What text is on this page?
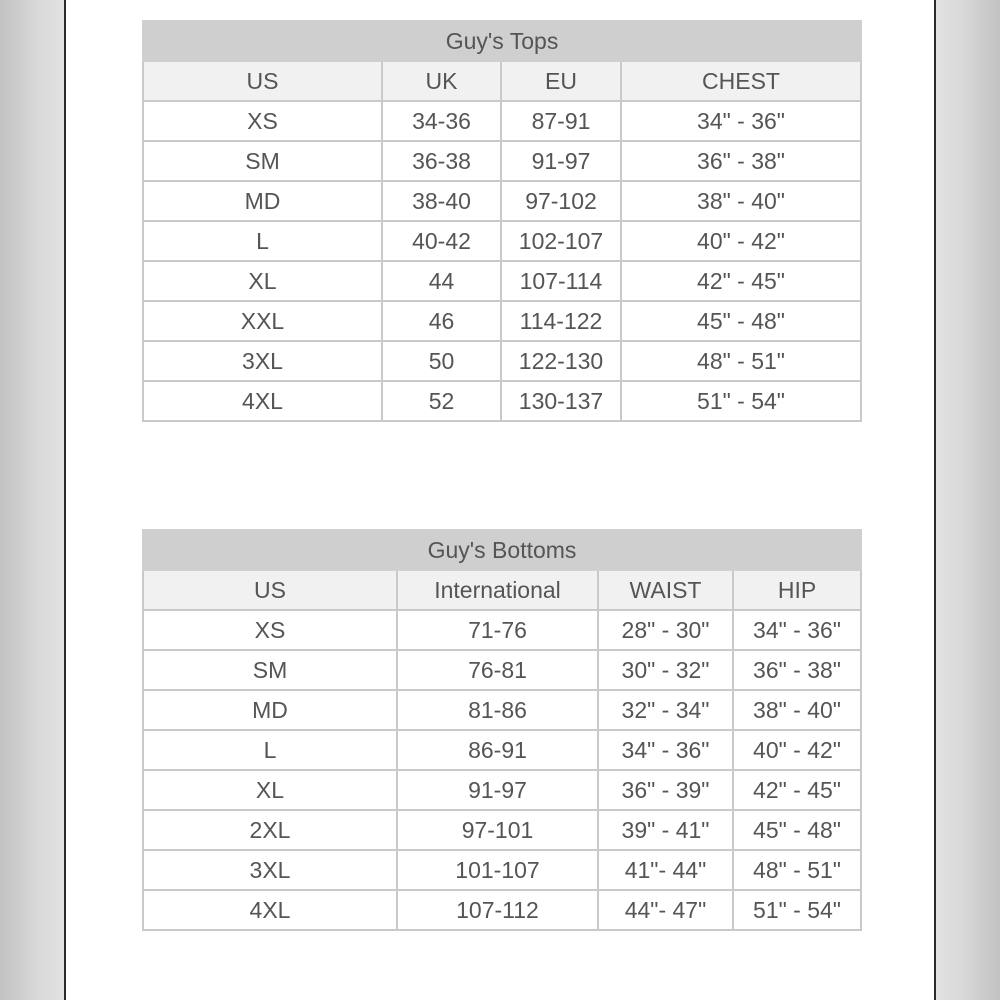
Guy's Tops			
US	UK	EU	CHEST
XS	34-36	87-91	34" - 36"
SM	36-38	91-97	36" - 38"
MD	38-40	97-102	38" - 40"
L	40-42	102-107	40" - 42"
XL	44	107-114	42" - 45"
XXL	46	114-122	45" - 48"
3XL	50	122-130	48" - 51"
4XL	52	130-137	51" - 54"
Guy's Bottoms			
US	International	WAIST	HIP
XS	71-76	28" - 30"	34" - 36"
SM	76-81	30" - 32"	36" - 38"
MD	81-86	32" - 34"	38" - 40"
L	86-91	34" - 36"	40" - 42"
XL	91-97	36" - 39"	42" - 45"
2XL	97-101	39" - 41"	45" - 48"
3XL	101-107	41"- 44"	48" - 51"
4XL	107-112	44"- 47"	51" - 54"
